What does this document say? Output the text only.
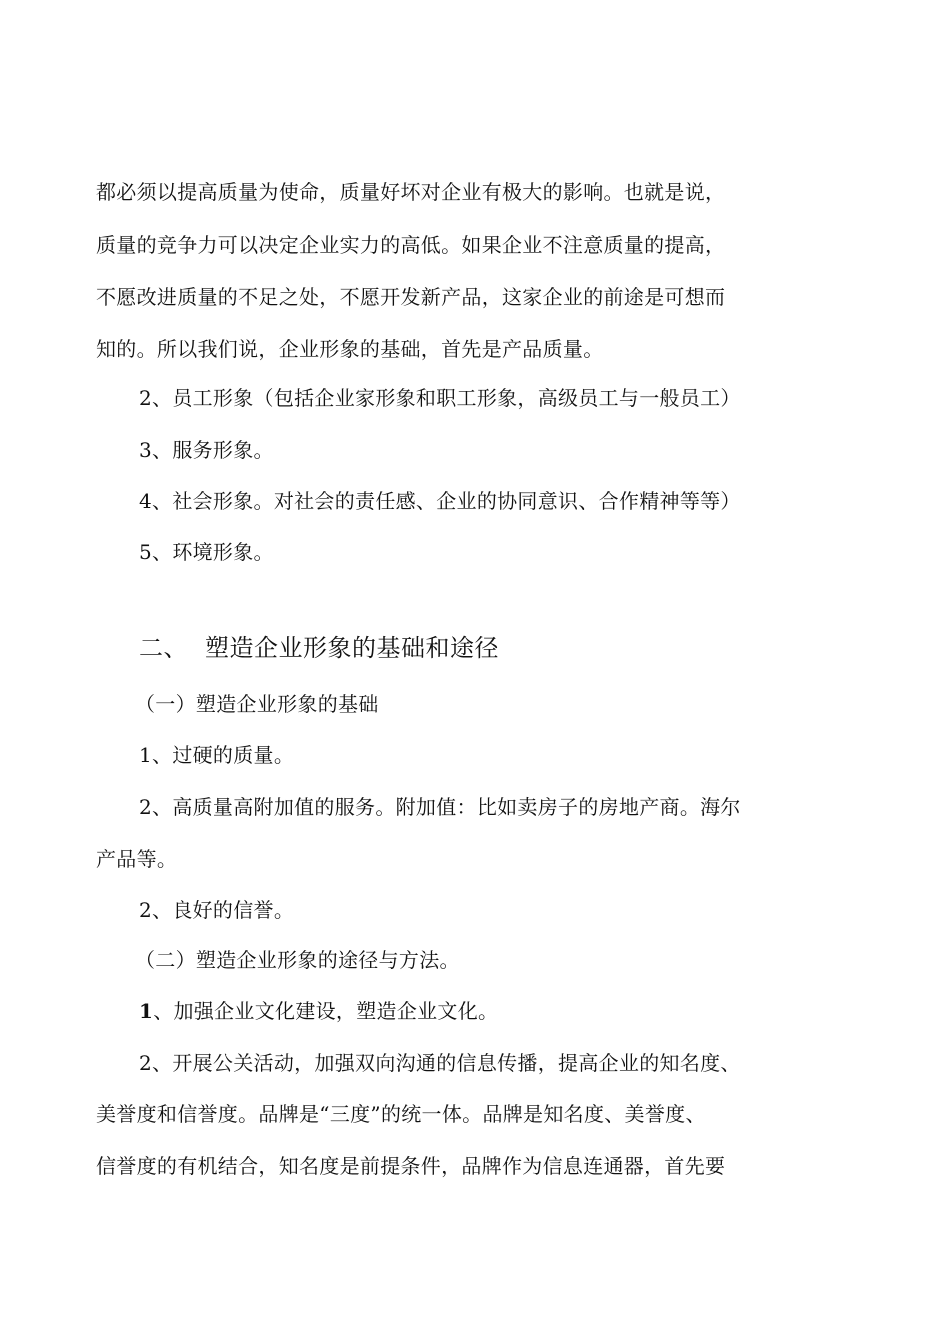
都必须以提高质量为使命，质量好坏对企业有极大的影响。也就是说，
质量的竞争力可以决定企业实力的高低。如果企业不注意质量的提高，
不愿改进质量的不足之处，不愿开发新产品，这家企业的前途是可想而
知的。所以我们说，企业形象的基础，首先是产品质量。
2、员工形象（包括企业家形象和职工形象，高级员工与一般员工）
3、服务形象。
4、社会形象。对社会的责任感、企业的协同意识、合作精神等等）
5、环境形象。
二、 塑造企业形象的基础和途径
（一）塑造企业形象的基础
1、过硬的质量。
2、高质量高附加值的服务。附加值：比如卖房子的房地产商。海尔
产品等。
2、良好的信誉。
（二）塑造企业形象的途径与方法。
1、加强企业文化建设，塑造企业文化。
2、开展公关活动，加强双向沟通的信息传播，提高企业的知名度、
美誉度和信誉度。品牌是“三度”的统一体。品牌是知名度、美誉度、
信誉度的有机结合，知名度是前提条件，品牌作为信息连通器，首先要
